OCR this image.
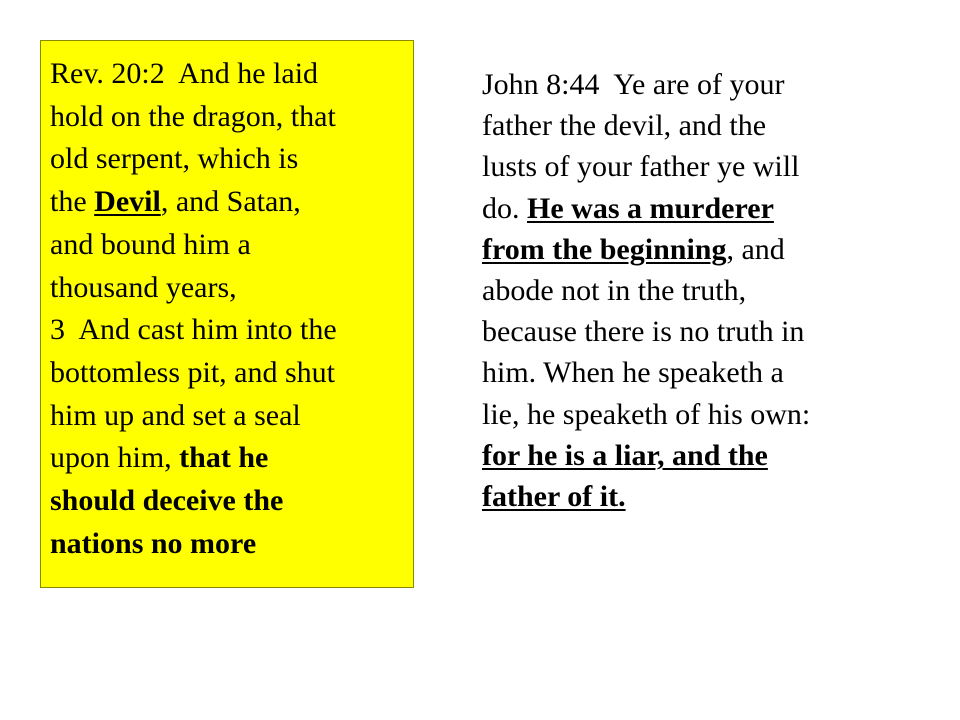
Rev. 20:2  And he laid
hold on the dragon, that
old serpent, which is
the Devil, and Satan,
and bound him a
thousand years,
3  And cast him into the
bottomless pit, and shut
him up and set a seal
upon him, that he
should deceive the
nations no more
John 8:44  Ye are of your
father the devil, and the
lusts of your father ye will
do. He was a murderer
from the beginning, and
abode not in the truth,
because there is no truth in
him. When he speaketh a
lie, he speaketh of his own:
for he is a liar, and the
father of it.
